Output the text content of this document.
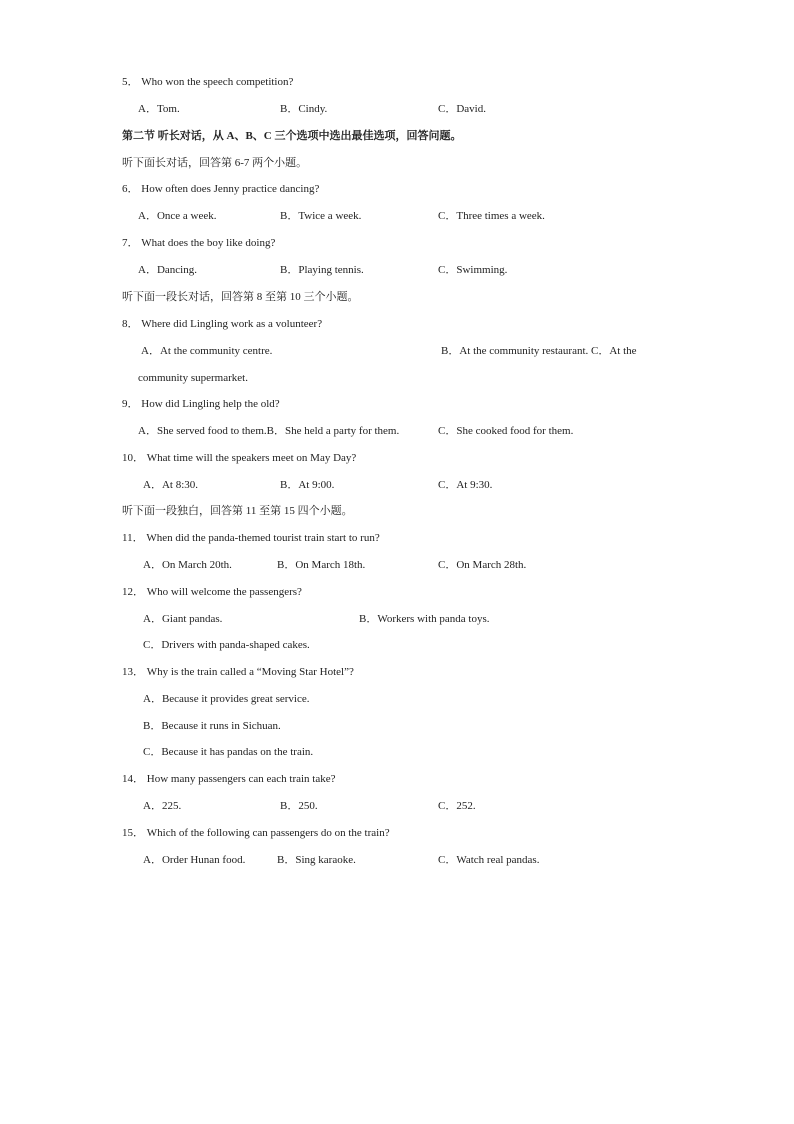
5． Who won the speech competition?
A．Tom.	B．Cindy.	C．David.
第二节 听长对话，从 A、B、C 三个选项中选出最佳选项，回答问题。
听下面长对话，回答第 6-7 两个小题。
6． How often does Jenny practice dancing?
A．Once a week.	B．Twice a week.	C．Three times a week.
7． What does the boy like doing?
A．Dancing.	B．Playing tennis.	C．Swimming.
听下面一段长对话，回答第 8 至第 10 三个小题。
8． Where did Lingling work as a volunteer?
A．At the community centre.	B．At the community restaurant. C．At the
community supermarket.
9． How did Lingling help the old?
A．She served food to them.B．She held a party for them.	C．She cooked food for them.
10． What time will the speakers meet on May Day?
A．At 8:30.	B．At 9:00.	C．At 9:30.
听下面一段独白，回答第 11 至第 15 四个小题。
11． When did the panda-themed tourist train start to run?
A．On March 20th.	B．On March 18th.	C．On March 28th.
12． Who will welcome the passengers?
A．Giant pandas.	B．Workers with panda toys.
C．Drivers with panda-shaped cakes.
13． Why is the train called a “Moving Star Hotel”?
A．Because it provides great service.
B．Because it runs in Sichuan.
C．Because it has pandas on the train.
14． How many passengers can each train take?
A．225.	B．250.	C．252.
15． Which of the following can passengers do on the train?
A．Order Hunan food.	B．Sing karaoke.	C．Watch real pandas.
